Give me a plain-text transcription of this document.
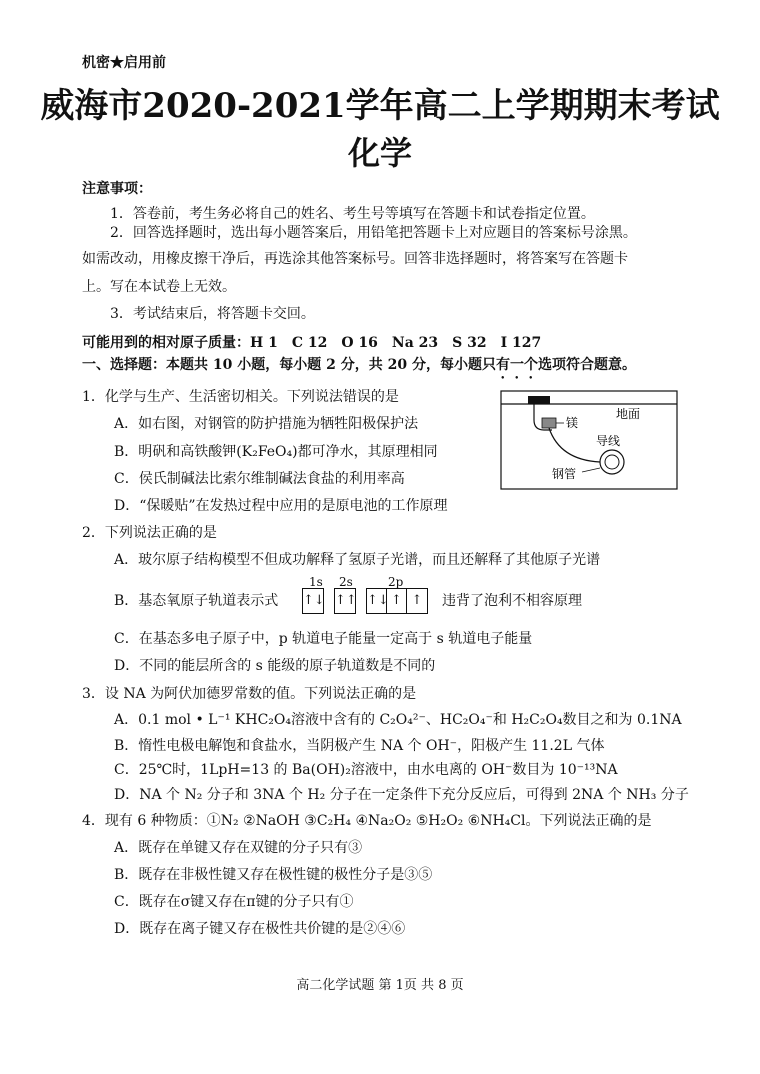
机密★启用前
威海市2020-2021学年高二上学期期末考试
化学
注意事项：
1．答卷前，考生务必将自己的姓名、考生号等填写在答题卡和试卷指定位置。
2．回答选择题时，选出每小题答案后，用铅笔把答题卡上对应题目的答案标号涂黑。
如需改动，用橡皮擦干净后，再选涂其他答案标号。回答非选择题时，将答案写在答题卡
上。写在本试卷上无效。
3．考试结束后，将答题卡交回。
可能用到的相对原子质量：H 1　C 12　O 16　Na 23　S 32　I 127
一、选择题：本题共 10 小题，每小题 2 分，共 20 分，每小题只有一个选项符合题意。
1．化学与生产、生活密切相关。下列说法错误的是
A．如右图，对钢管的防护措施为牺牲阳极保护法
B．明矾和高铁酸钾(K₂FeO₄)都可净水，其原理相同
C．侯氏制碱法比索尔维制碱法食盐的利用率高
D．“保暖贴”在发热过程中应用的是原电池的工作原理
镁
地面
导线
钢管
2．下列说法正确的是
A．玻尔原子结构模型不但成功解释了氢原子光谱，而且还解释了其他原子光谱
B．基态氧原子轨道表示式
1s 2s	2p
↑↓ ↑↑ ↑↓ ↑ ↑	违背了泡利不相容原理
C．在基态多电子原子中，p 轨道电子能量一定高于 s 轨道电子能量
D．不同的能层所含的 s 能级的原子轨道数是不同的
3．设 NA 为阿伏加德罗常数的值。下列说法正确的是
A．0.1 mol • L⁻¹ KHC₂O₄溶液中含有的 C₂O₄²⁻、HC₂O₄⁻和 H₂C₂O₄数目之和为 0.1NA
B．惰性电极电解饱和食盐水，当阴极产生 NA 个 OH⁻，阳极产生 11.2L 气体
C．25℃时，1LpH=13 的 Ba(OH)₂溶液中，由水电离的 OH⁻数目为 10⁻¹³NA
D．NA 个 N₂ 分子和 3NA 个 H₂ 分子在一定条件下充分反应后，可得到 2NA 个 NH₃ 分子
4．现有 6 种物质：①N₂ ②NaOH ③C₂H₄ ④Na₂O₂ ⑤H₂O₂ ⑥NH₄Cl。下列说法正确的是
A．既存在单键又存在双键的分子只有③
B．既存在非极性键又存在极性键的极性分子是③⑤
C．既存在σ键又存在π键的分子只有①
D．既存在离子键又存在极性共价键的是②④⑥
高二化学试题 第 1页 共 8 页
